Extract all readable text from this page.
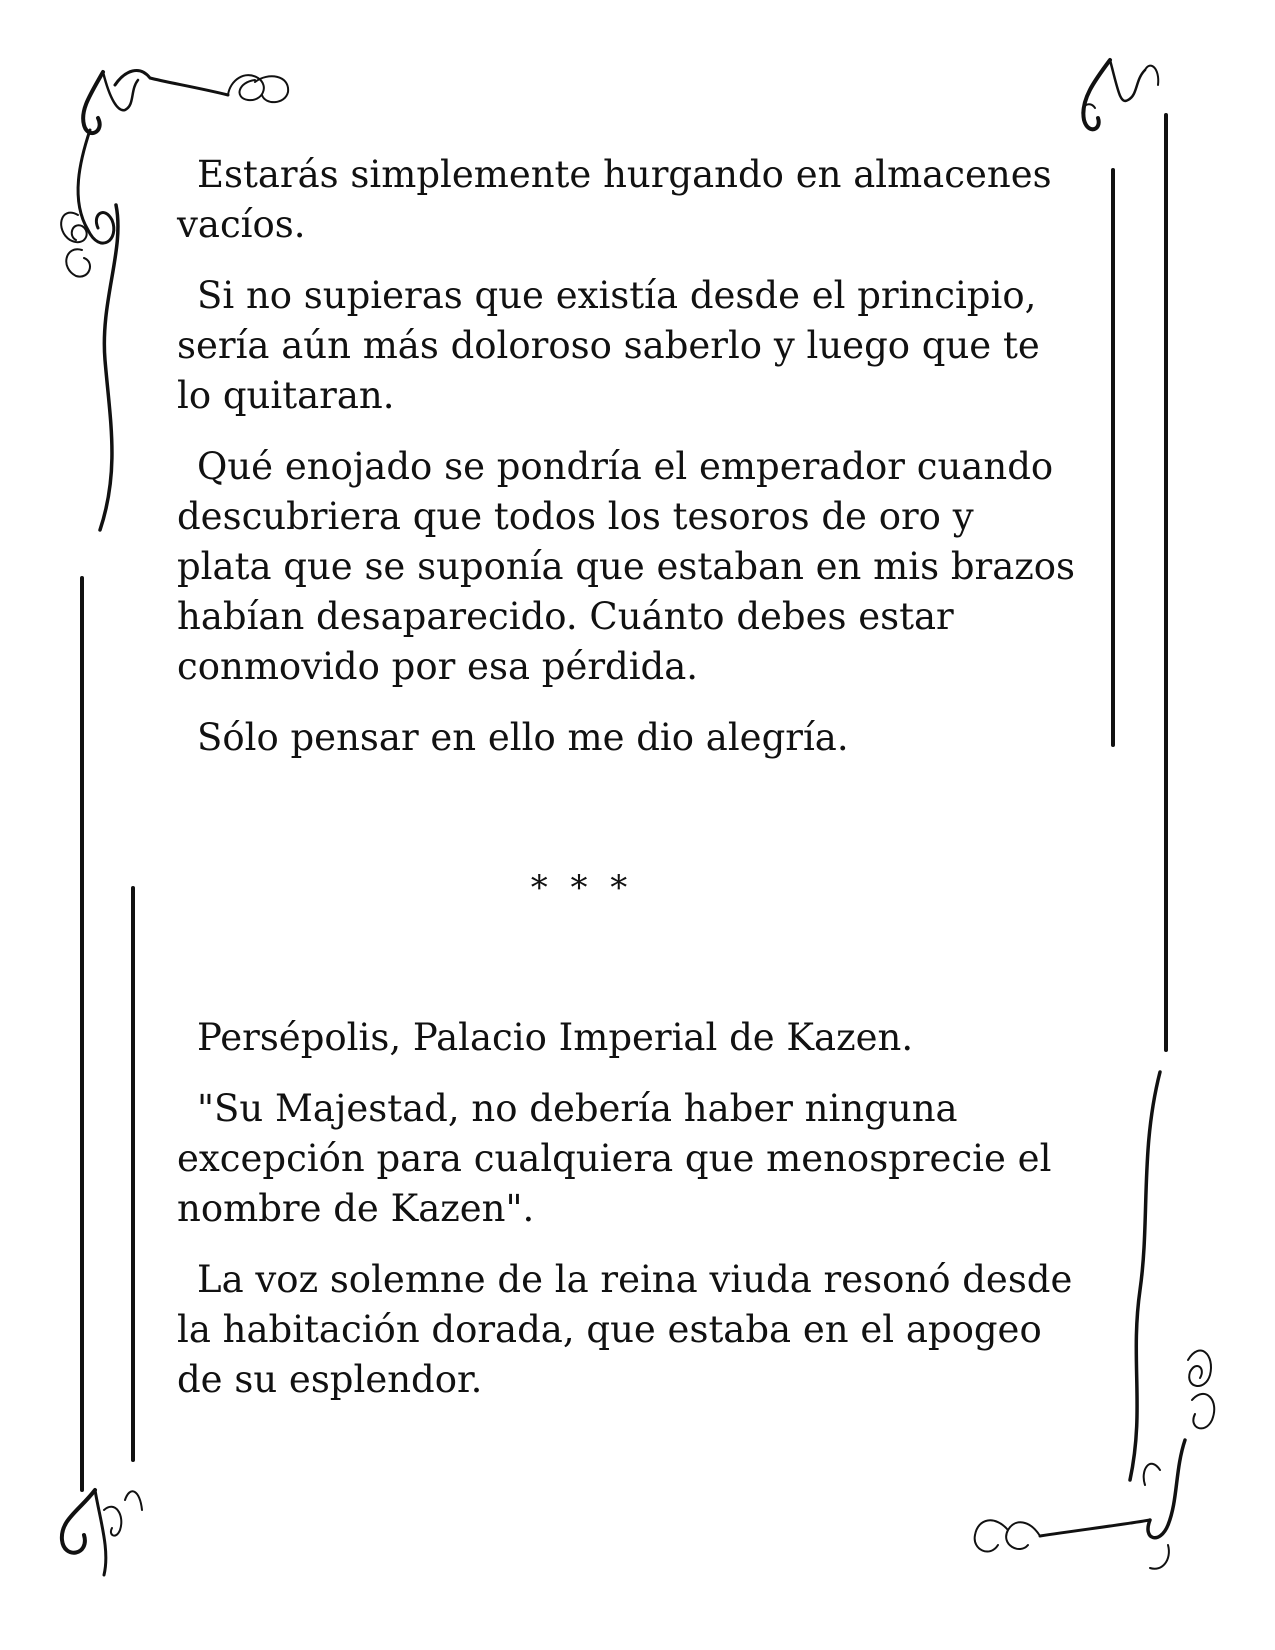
Estarás simplemente hurgando en almacenes vacíos.

Si no supieras que existía desde el principio, sería aún más doloroso saberlo y luego que te lo quitaran.

Qué enojado se pondría el emperador cuando descubriera que todos los tesoros de oro y plata que se suponía que estaban en mis brazos habían desaparecido. Cuánto debes estar conmovido por esa pérdida.

Sólo pensar en ello me dio alegría.

* * *

Persépolis, Palacio Imperial de Kazen.

"Su Majestad, no debería haber ninguna excepción para cualquiera que menosprecie el nombre de Kazen".

La voz solemne de la reina viuda resonó desde la habitación dorada, que estaba en el apogeo de su esplendor.
